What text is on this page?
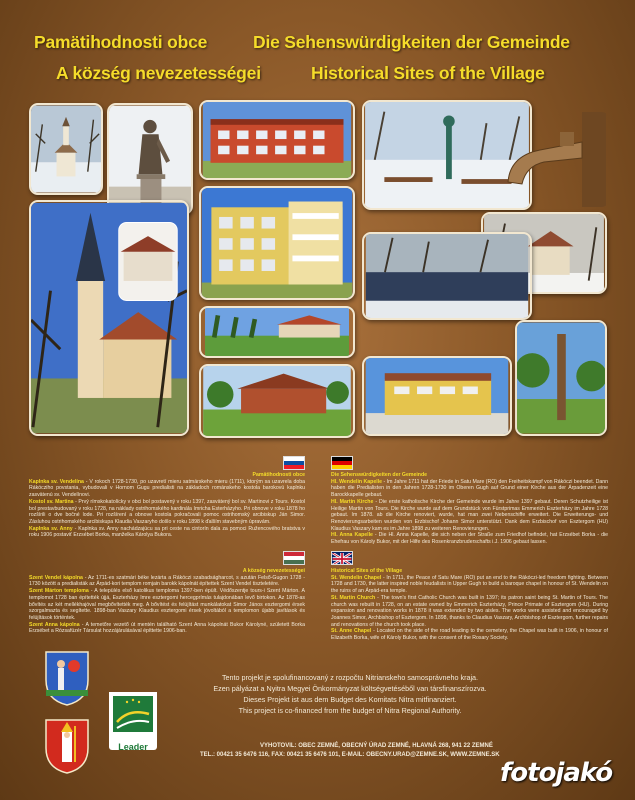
Pamätihodnosti obce	Die Sehenswürdigkeiten der Gemeinde
A község nevezetességei	Historical Sites of the Village

Pamätihodnosti obce

Kaplnka sv. Vendelína - V rokoch 1728-1730, po uzavretí mieru satmárskeho mieru (1711), ktorým sa uzavrela doba Rákócziho povstania, vybudovali v Hornom Gugu predialisti na základoch románskeho kostola barokovú kaplnku zasvätenú sv. Vendelínovi.

Kostol sv. Martina - Prvý rímskokatolícky v obci bol postavený v roku 1397, zasvätený bol sv. Martinovi z Tours. Kostol bol prestavbudovaný v roku 1728, na náklady ostrihomského kardinála Imricha Esterházyho. Pri obnove v roku 1878 ho rozšírili o dve bočné lode. Pri rozšírení a obnove kostola pokračovali pomoc ostrihomský arcibiskup Ján Simor. Zásluhou ostrihomského arcibiskupa Klaudia Vaszaryho došlo v roku 1898 k ďalším stavebným úpravám.

Kaplnka sv. Anny - Kaplnka sv. Anny nachádzajúcu sa pri ceste na cintorín dala za pomoci Ružencového bratstva v roku 1906 postaviť Erzsébet Borka, manželka Károlya Bukora.

A község nevezetességei

Szent Vendel kápolna - Az 1711-es szatmári béke lezárta a Rákóczi szabadságharcot, s azután Felső-Gugon 1728 - 1730 között a predialisták az Árpád-kori templom romjain barokk kápolnát építettek Szent Vendel tiszteletére.

Szent Márton temploma - A település első katolikus temploma 1397-ben épült. Védőszentje tours-i Szent Márton. A templomot 1728 ban építették újjá, Eszterházy Imre esztergomi hercegprímás tulajdonában levő birtokon. Az 1878-as bővítés az két mellékhajóval megbővítették meg. A bővítést és felújítást munkálatokat Simor János esztergomi érsek szorgalmazta és segítette. 1898-ban Vaszary Klaudius esztergomi érsek jóvoltából a templomon újabb javítások és felújítások történtek.

Szent Anna kápolna - A temetőre vezető út mentén található Szent Anna kápolnát Bukor Károlyné, született Borka Erzsébet a Rózsafüzér Társulat hozzájárulásával építtette 1906-ban.

Die Sehenswürdigkeiten der Gemeinde

Hl. Wendelin Kapelle - Im Jahre 1711 hat der Friede in Satu Mare (RO) den Freiheitskampf von Rákóczi beendet. Dann haben die Predialisten in den Jahren 1728-1730 im Oberen Gugh auf Grund einer Kirche aus der Árpadenzeit eine Barockkapelle gebaut.

Hl. Martin Kirche - Die erste katholische Kirche der Gemeinde wurde im Jahre 1397 gebaut. Deren Schutzheilige ist Heilige Martin von Tours. Die Kirche wurde auf dem Grundstück von Fürstprimas Emmerich Eszterházy im Jahre 1728 gebaut. Im 1878. ab die Kirche renoviert, wurde, hat man zwei Nebenschiffe erweitert. Die Erweiterungs- und Renovierungsarbeiten wurden von Erzbischof Johann Simor unterstützt. Dank dem Erzbischof von Esztergom (HU) Klaudius Vaszary kam es im Jahre 1898 zu weiteren Renovierungen.

Hl. Anna Kapelle - Die Hl. Anna Kapelle, die sich neben der Straße zum Friedhof befindet, hat Erzsébet Borka - die Ehefrau von Károly Bukor, mit der Hilfe des Rosenkranzbruderschafts i.J. 1906 gebaut lassen.

Historical Sites of the Village

St. Wendelin Chapel - In 1711, the Peace of Satu Mare (RO) put an end to the Rákóczi-led freedom fighting. Between 1728 and 1730, the latter inspired noble feudalists in Upper Gugh to build a baroque chapel in honour of St. Wendelin on the ruins of an Árpád-era temple.

St. Martin Church - The town's first Catholic Church was built in 1397; its patron saint being St. Martin of Tours. The church was rebuilt in 1728, on an estate owned by Emmerich Eszterházy, Prince Primate of Esztergom (HU). During expansion and renovation works in 1878 it was extended by two aisles. The works were assisted and encouraged by Joannes Simor, Archbishop of Esztergom. In 1898, thanks to Claudius Vaszary, Archbishop of Esztergom, further repairs and renovations of the church took place.

St. Anne Chapel - Located on the side of the road leading to the cemetery, the Chapel was built in 1906, in honour of Elizabeth Borka, wife of Károly Bukor, with the consent of the Rosary Society.

Leader
Tento projekt je spolufinancovaný z rozpočtu Nitrianskeho samosprávneho kraja.
Ezen pályázat a Nyitra Megyei Önkormányzat költségvetéséből van társfinanszírozva.
Dieses Projekt ist aus dem Budget des Komitats Nitra mitfinanziert.
This project is co-financed from the budget of Nitra Regional Authority.
VYHOTOVIL: OBEC ZEMNÉ, OBECNÝ ÚRAD ZEMNÉ, HLAVNÁ 268, 941 22 ZEMNÉ
TEL.: 00421 35 6476 116, FAX: 00421 35 6476 101, E-MAIL: OBECNY.URAD@ZEMNE.SK, WWW.ZEMNE.SK
fotojakó
